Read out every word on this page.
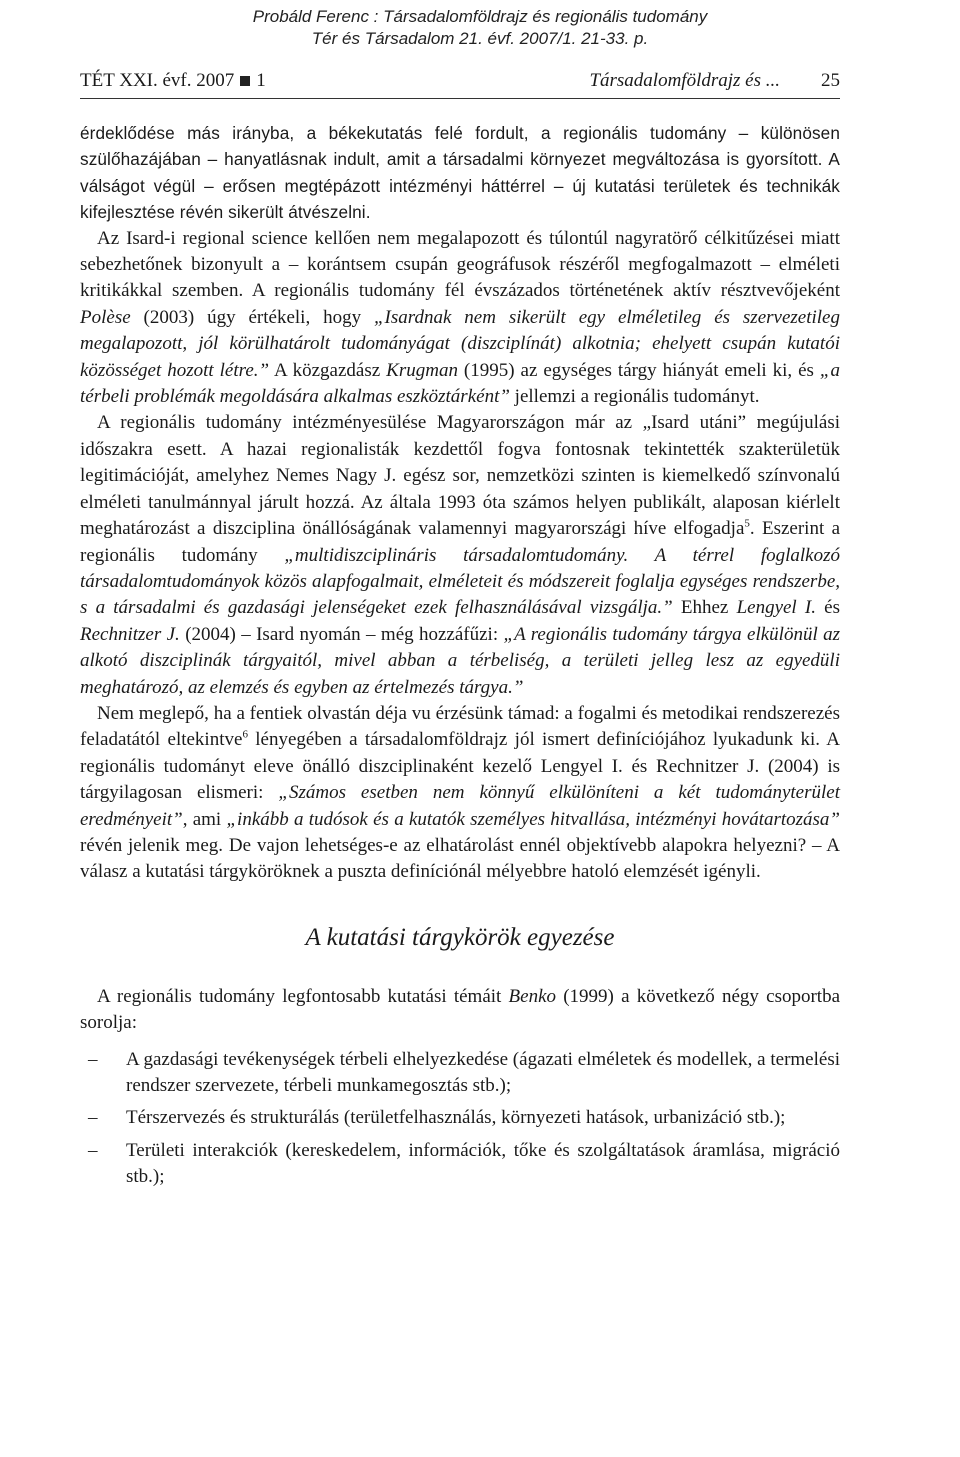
Probáld Ferenc : Társadalomföldrajz és regionális tudomány
Tér és Társadalom 21. évf. 2007/1. 21-33. p.
TÉT XXI. évf. 2007 1	Társadalomföldrajz és ... 25

érdeklődése más irányba, a békekutatás felé fordult, a regionális tudomány – különösen szülőhazájában – hanyatlásnak indult, amit a társadalmi környezet megváltozása is gyorsított. A válságot végül – erősen megtépázott intézményi háttérrel – új kutatási területek és technikák kifejlesztése révén sikerült átvészelni.

Az Isard-i regional science kellően nem megalapozott és túlontúl nagyratörő célkitűzései miatt sebezhetőnek bizonyult a – korántsem csupán geográfusok részéről megfogalmazott – elméleti kritikákkal szemben. A regionális tudomány fél évszázados történetének aktív résztvevőjeként Polèse (2003) úgy értékeli, hogy „Isardnak nem sikerült egy elméletileg és szervezetileg megalapozott, jól körülhatárolt tudományágat (diszciplínát) alkotnia; ehelyett csupán kutatói közösséget hozott létre.” A közgazdász Krugman (1995) az egységes tárgy hiányát emeli ki, és „a térbeli problémák megoldására alkalmas eszköztárként” jellemzi a regionális tudományt.

A regionális tudomány intézményesülése Magyarországon már az „Isard utáni” megújulási időszakra esett. A hazai regionalisták kezdettől fogva fontosnak tekintették szakterületük legitimációját, amelyhez Nemes Nagy J. egész sor, nemzetközi szinten is kiemelkedő színvonalú elméleti tanulmánnyal járult hozzá. Az általa 1993 óta számos helyen publikált, alaposan kiérlelt meghatározást a diszciplina önállóságának valamennyi magyarországi híve elfogadja$^5$. Eszerint a regionális tudomány „multidiszciplináris társadalomtudomány. A térrel foglalkozó társadalomtudományok közös alapfogalmait, elméleteit és módszereit foglalja egységes rendszerbe, s a társadalmi és gazdasági jelenségeket ezek felhasználásával vizsgálja.” Ehhez Lengyel I. és Rechnitzer J. (2004) – Isard nyomán – még hozzáfűzi: „A regionális tudomány tárgya elkülönül az alkotó diszciplinák tárgyaitól, mivel abban a térbeliség, a területi jelleg lesz az egyedüli meghatározó, az elemzés és egyben az értelmezés tárgya.”

Nem meglepő, ha a fentiek olvastán déja vu érzésünk támad: a fogalmi és metodikai rendszerezés feladatától eltekintve$^6$ lényegében a társadalomföldrajz jól ismert definíciójához lyukadunk ki. A regionális tudományt eleve önálló diszciplinaként kezelő Lengyel I. és Rechnitzer J. (2004) is tárgyilagosan elismeri: „Számos esetben nem könnyű elkülöníteni a két tudományterület eredményeit”, ami „inkább a tudósok és a kutatók személyes hitvallása, intézményi hovátartozása” révén jelenik meg. De vajon lehetséges-e az elhatárolást ennél objektívebb alapokra helyezni? – A válasz a kutatási tárgyköröknek a puszta definíciónál mélyebbre hatoló elemzését igényli.

A kutatási tárgykörök egyezése

A regionális tudomány legfontosabb kutatási témáit Benko (1999) a következő négy csoportba sorolja:

– A gazdasági tevékenységek térbeli elhelyezkedése (ágazati elméletek és modellek, a termelési rendszer szervezete, térbeli munkamegosztás stb.);
– Térszervezés és strukturálás (területfelhasználás, környezeti hatások, urbanizáció stb.);
– Területi interakciók (kereskedelem, információk, tőke és szolgáltatások áramlása, migráció stb.);
